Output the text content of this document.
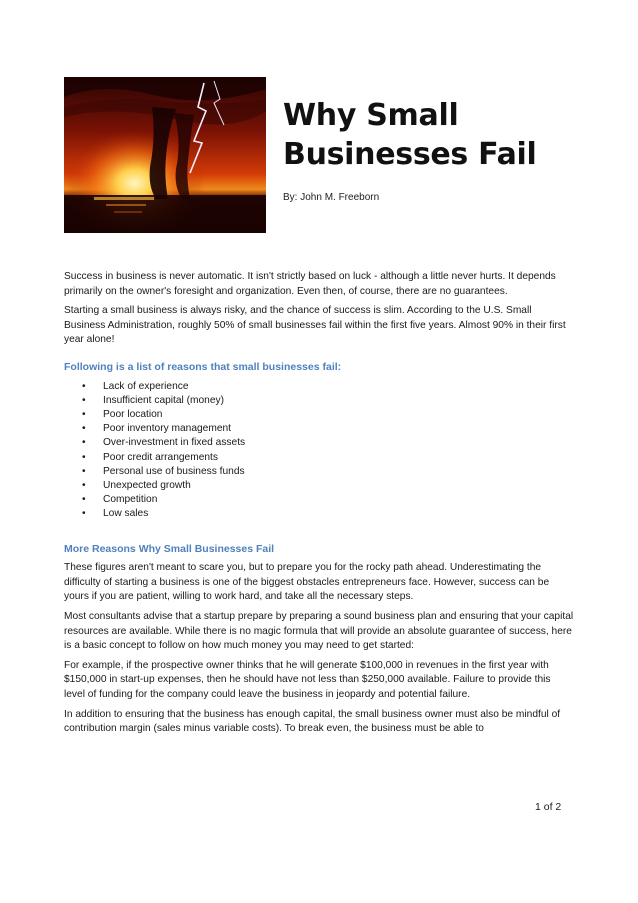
Why Small
Businesses Fail
By: John M. Freeborn

Success in business is never automatic. It isn't strictly based on luck - although a little never hurts. It depends primarily on the owner's foresight and organization. Even then, of course, there are no guarantees.

Starting a small business is always risky, and the chance of success is slim. According to the U.S. Small Business Administration, roughly 50% of small businesses fail within the first five years. Almost 90% in their first year alone!

Following is a list of reasons that small businesses fail:
• Lack of experience
• Insufficient capital (money)
• Poor location
• Poor inventory management
• Over-investment in fixed assets
• Poor credit arrangements
• Personal use of business funds
• Unexpected growth
• Competition
• Low sales
More Reasons Why Small Businesses Fail

These figures aren't meant to scare you, but to prepare you for the rocky path ahead. Underestimating the difficulty of starting a business is one of the biggest obstacles entrepreneurs face. However, success can be yours if you are patient, willing to work hard, and take all the necessary steps.

Most consultants advise that a startup prepare by preparing a sound business plan and ensuring that your capital resources are available. While there is no magic formula that will provide an absolute guarantee of success, here is a basic concept to follow on how much money you may need to get started:

For example, if the prospective owner thinks that he will generate $100,000 in revenues in the first year with $150,000 in start-up expenses, then he should have not less than $250,000 available. Failure to provide this level of funding for the company could leave the business in jeopardy and potential failure.

In addition to ensuring that the business has enough capital, the small business owner must also be mindful of contribution margin (sales minus variable costs). To break even, the business must be able to

1 of 2
